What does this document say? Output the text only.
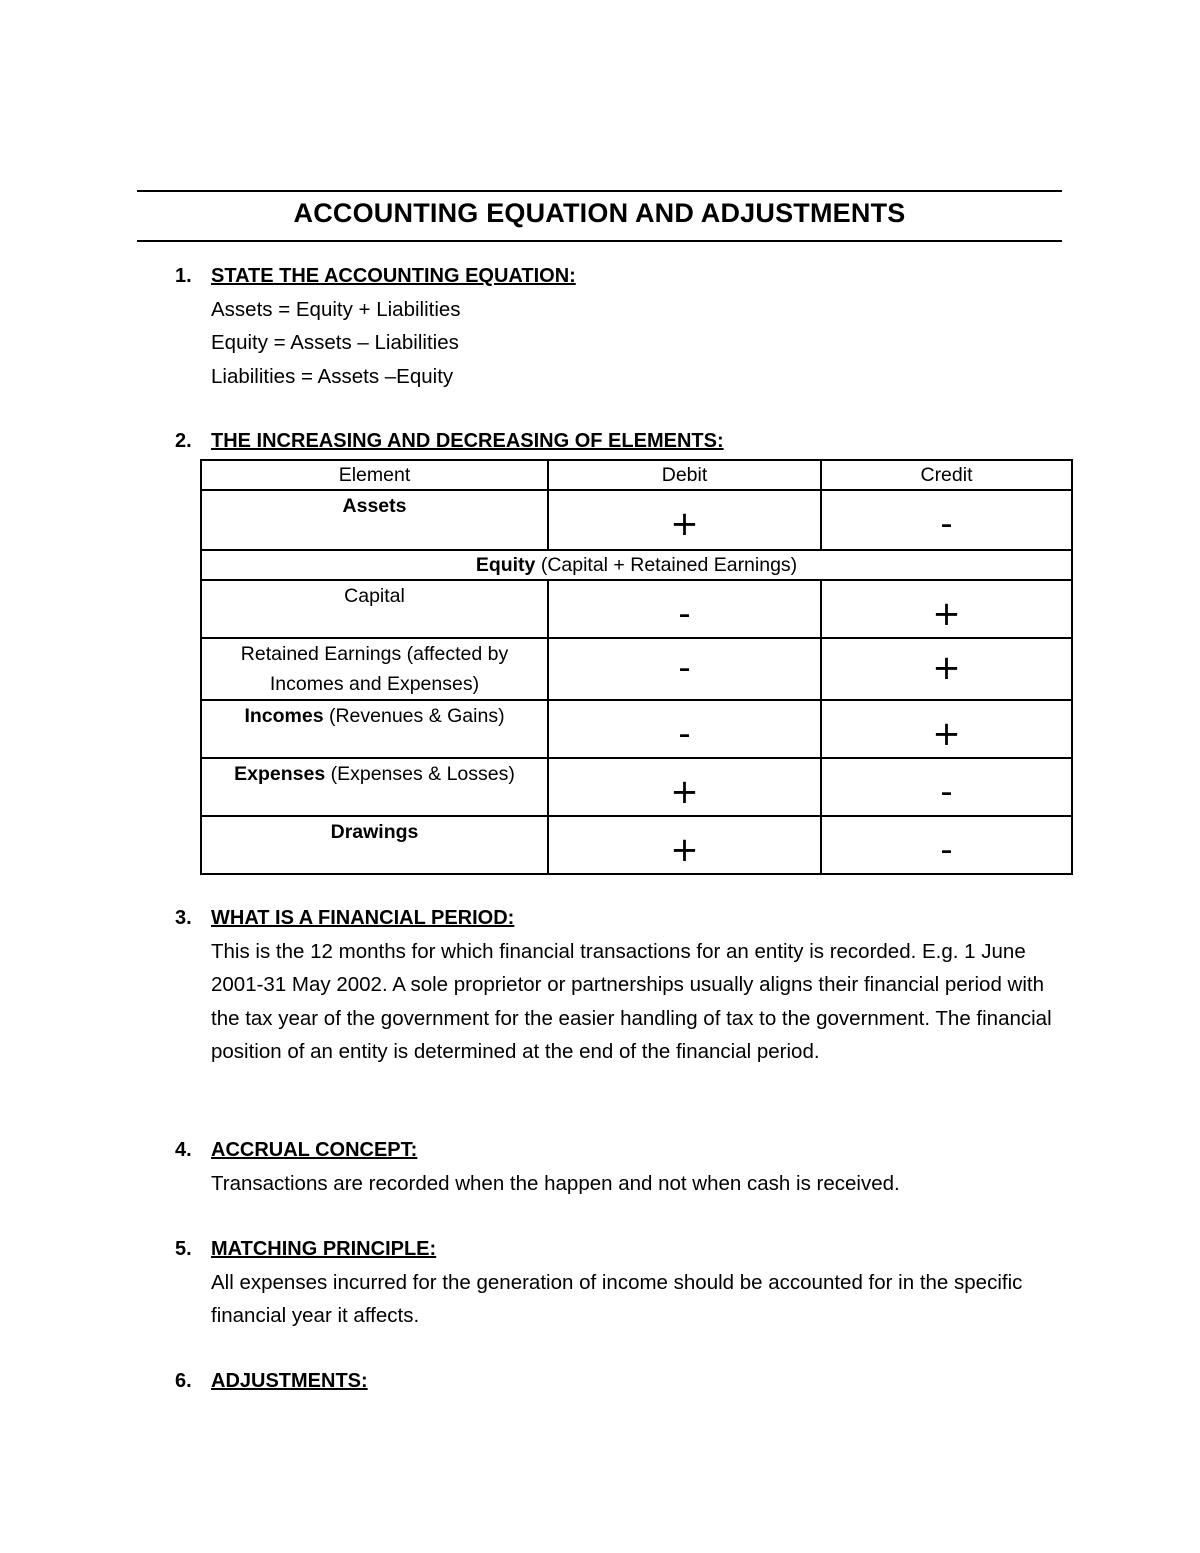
ACCOUNTING EQUATION AND ADJUSTMENTS
1. STATE THE ACCOUNTING EQUATION:
Assets = Equity + Liabilities
Equity = Assets – Liabilities
Liabilities = Assets –Equity
2. THE INCREASING AND DECREASING OF ELEMENTS:
Element	Debit	Credit
Assets	+	-

Equity (Capital + Retained Earnings)		
Capital	-	+

Retained Earnings (affected by Incomes and Expenses)	-	+

Incomes (Revenues & Gains)	-	+

Expenses (Expenses & Losses)	+	-

Drawings	+	-
3. WHAT IS A FINANCIAL PERIOD:
This is the 12 months for which financial transactions for an entity is recorded. E.g. 1 June 2001-31 May 2002. A sole proprietor or partnerships usually aligns their financial period with the tax year of the government for the easier handling of tax to the government. The financial position of an entity is determined at the end of the financial period.
4. ACCRUAL CONCEPT:
Transactions are recorded when the happen and not when cash is received.
5. MATCHING PRINCIPLE:
All expenses incurred for the generation of income should be accounted for in the specific financial year it affects.
6. ADJUSTMENTS:
